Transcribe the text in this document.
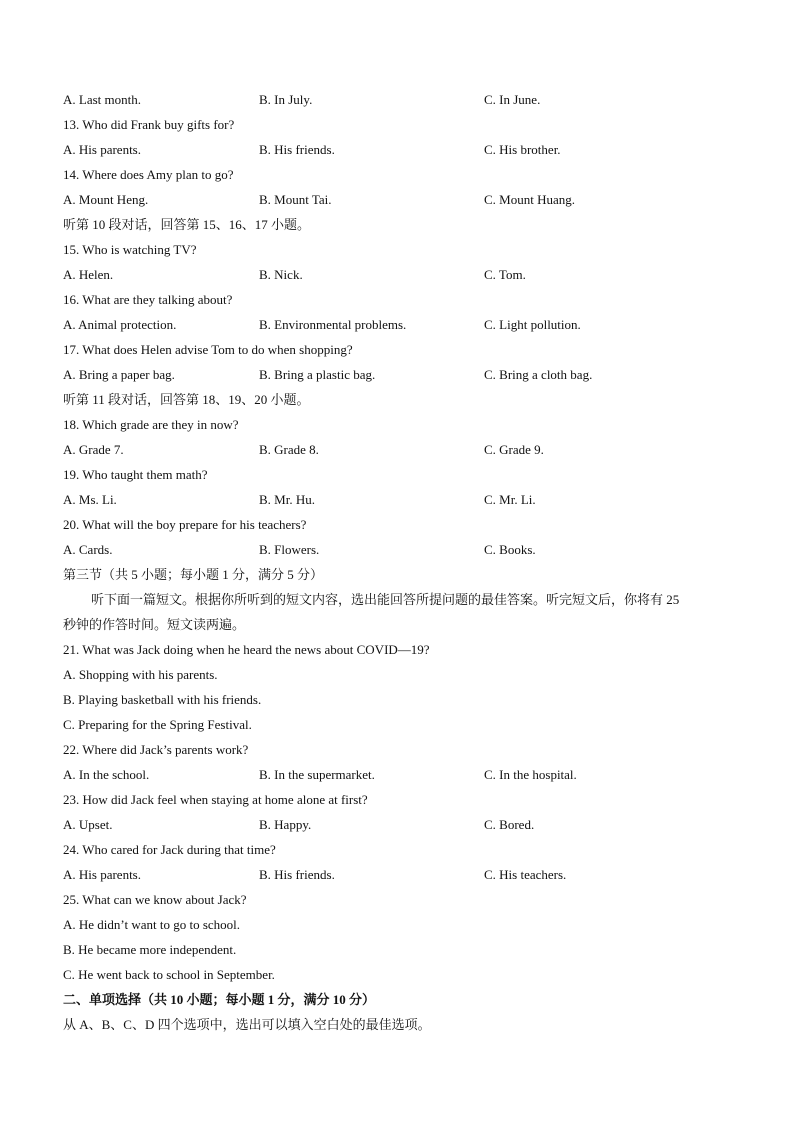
A. Last month.	B. In July.	C. In June.
13. Who did Frank buy gifts for?
A. His parents.	B. His friends.	C. His brother.
14. Where does Amy plan to go?
A. Mount Heng.	B. Mount Tai.	C. Mount Huang.
听第 10 段对话，回答第 15、16、17 小题。
15. Who is watching TV?
A. Helen.	B. Nick.	C. Tom.
16. What are they talking about?
A. Animal protection.	B. Environmental problems.	C. Light pollution.
17. What does Helen advise Tom to do when shopping?
A. Bring a paper bag.	B. Bring a plastic bag.	C. Bring a cloth bag.
听第 11 段对话，回答第 18、19、20 小题。
18. Which grade are they in now?
A. Grade 7.	B. Grade 8.	C. Grade 9.
19. Who taught them math?
A. Ms. Li.	B. Mr. Hu.	C. Mr. Li.
20. What will the boy prepare for his teachers?
A. Cards.	B. Flowers.	C. Books.
第三节（共 5 小题；每小题 1 分，满分 5 分）
听下面一篇短文。根据你所听到的短文内容，选出能回答所提问题的最佳答案。听完短文后，你将有 25
秒钟的作答时间。短文读两遍。
21. What was Jack doing when he heard the news about COVID—19?
A. Shopping with his parents.
B. Playing basketball with his friends.
C. Preparing for the Spring Festival.
22. Where did Jack’s parents work?
A. In the school.	B. In the supermarket.	C. In the hospital.
23. How did Jack feel when staying at home alone at first?
A. Upset.	B. Happy.	C. Bored.
24. Who cared for Jack during that time?
A. His parents.	B. His friends.	C. His teachers.
25. What can we know about Jack?
A. He didn’t want to go to school.
B. He became more independent.
C. He went back to school in September.
二、单项选择（共 10 小题；每小题 1 分，满分 10 分）
从 A、B、C、D 四个选项中，选出可以填入空白处的最佳选项。
